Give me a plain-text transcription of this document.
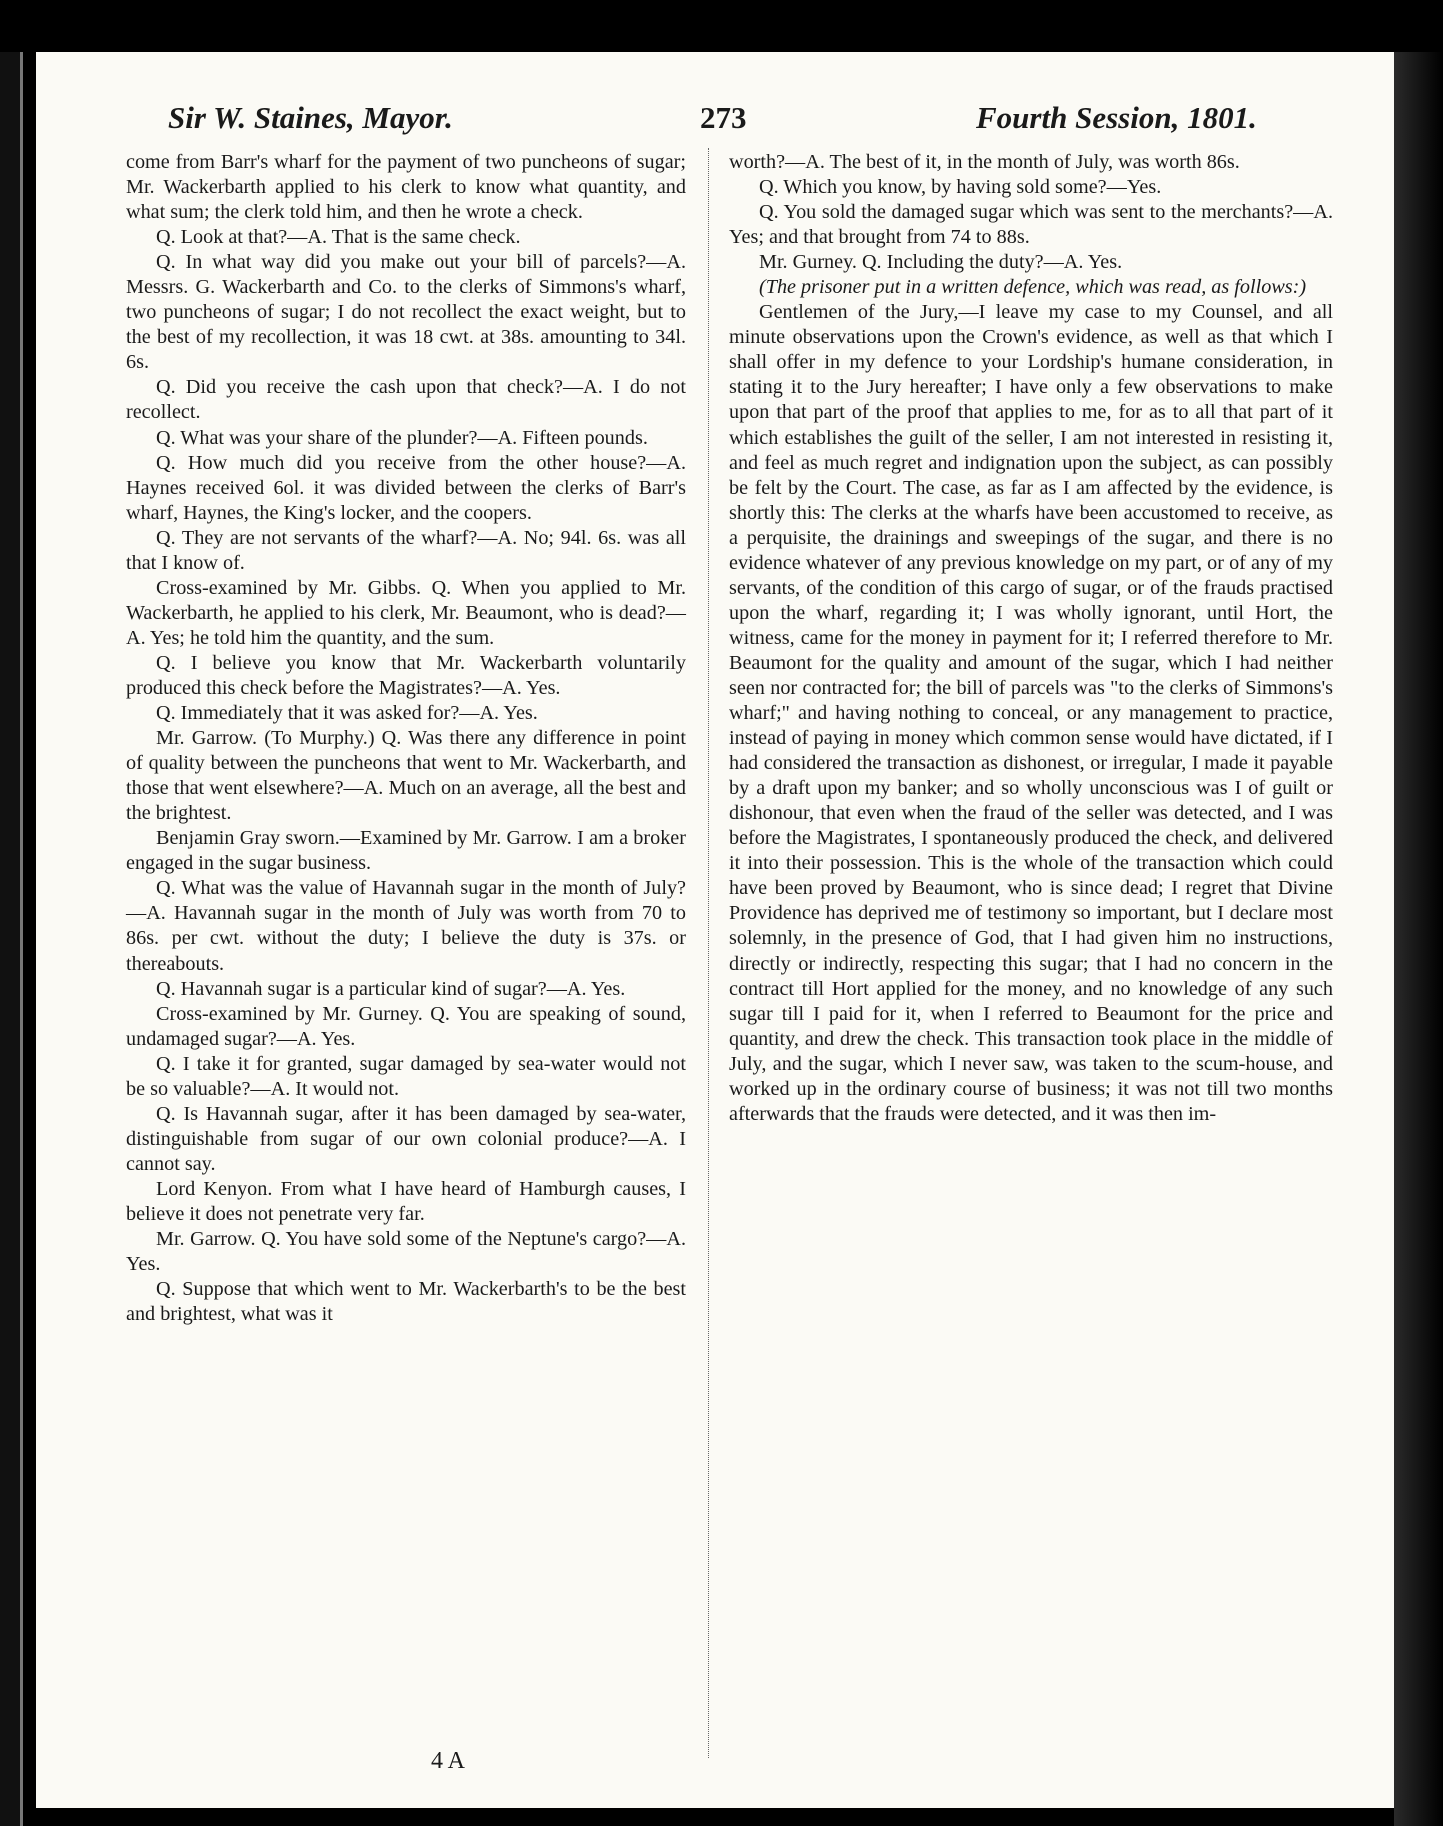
Sir W. Staines, Mayor.	273	Fourth Session, 1801.

come from Barr's wharf for the payment of two puncheons of sugar; Mr. Wackerbarth applied to his clerk to know what quantity, and what sum; the clerk told him, and then he wrote a check.

Q. Look at that?—A. That is the same check.

Q. In what way did you make out your bill of parcels?—A. Messrs. G. Wackerbarth and Co. to the clerks of Simmons's wharf, two puncheons of sugar; I do not recollect the exact weight, but to the best of my recollection, it was 18 cwt. at 38s. amounting to 34l. 6s.

Q. Did you receive the cash upon that check?—A. I do not recollect.

Q. What was your share of the plunder?—A. Fifteen pounds.

Q. How much did you receive from the other house?—A. Haynes received 6ol. it was divided between the clerks of Barr's wharf, Haynes, the King's locker, and the coopers.

Q. They are not servants of the wharf?—A. No; 94l. 6s. was all that I know of.

Cross-examined by Mr. Gibbs. Q. When you applied to Mr. Wackerbarth, he applied to his clerk, Mr. Beaumont, who is dead?—A. Yes; he told him the quantity, and the sum.

Q. I believe you know that Mr. Wackerbarth voluntarily produced this check before the Magistrates?—A. Yes.

Q. Immediately that it was asked for?—A. Yes.

Mr. Garrow. (To Murphy.) Q. Was there any difference in point of quality between the puncheons that went to Mr. Wackerbarth, and those that went elsewhere?—A. Much on an average, all the best and the brightest.

Benjamin Gray sworn.—Examined by Mr. Garrow. I am a broker engaged in the sugar business.

Q. What was the value of Havannah sugar in the month of July?—A. Havannah sugar in the month of July was worth from 70 to 86s. per cwt. without the duty; I believe the duty is 37s. or thereabouts.

Q. Havannah sugar is a particular kind of sugar?—A. Yes.

Cross-examined by Mr. Gurney. Q. You are speaking of sound, undamaged sugar?—A. Yes.

Q. I take it for granted, sugar damaged by sea-water would not be so valuable?—A. It would not.

Q. Is Havannah sugar, after it has been damaged by sea-water, distinguishable from sugar of our own colonial produce?—A. I cannot say.

Lord Kenyon. From what I have heard of Hamburgh causes, I believe it does not penetrate very far.

Mr. Garrow. Q. You have sold some of the Neptune's cargo?—A. Yes.

Q. Suppose that which went to Mr. Wackerbarth's to be the best and brightest, what was it

worth?—A. The best of it, in the month of July, was worth 86s.

Q. Which you know, by having sold some?—Yes.

Q. You sold the damaged sugar which was sent to the merchants?—A. Yes; and that brought from 74 to 88s.

Mr. Gurney. Q. Including the duty?—A. Yes.

(The prisoner put in a written defence, which was read, as follows:)

Gentlemen of the Jury,—I leave my case to my Counsel, and all minute observations upon the Crown's evidence, as well as that which I shall offer in my defence to your Lordship's humane consideration, in stating it to the Jury hereafter; I have only a few observations to make upon that part of the proof that applies to me, for as to all that part of it which establishes the guilt of the seller, I am not interested in resisting it, and feel as much regret and indignation upon the subject, as can possibly be felt by the Court. The case, as far as I am affected by the evidence, is shortly this: The clerks at the wharfs have been accustomed to receive, as a perquisite, the drainings and sweepings of the sugar, and there is no evidence whatever of any previous knowledge on my part, or of any of my servants, of the condition of this cargo of sugar, or of the frauds practised upon the wharf, regarding it; I was wholly ignorant, until Hort, the witness, came for the money in payment for it; I referred therefore to Mr. Beaumont for the quality and amount of the sugar, which I had neither seen nor contracted for; the bill of parcels was "to the clerks of Simmons's wharf;" and having nothing to conceal, or any management to practice, instead of paying in money which common sense would have dictated, if I had considered the transaction as dishonest, or irregular, I made it payable by a draft upon my banker; and so wholly unconscious was I of guilt or dishonour, that even when the fraud of the seller was detected, and I was before the Magistrates, I spontaneously produced the check, and delivered it into their possession. This is the whole of the transaction which could have been proved by Beaumont, who is since dead; I regret that Divine Providence has deprived me of testimony so important, but I declare most solemnly, in the presence of God, that I had given him no instructions, directly or indirectly, respecting this sugar; that I had no concern in the contract till Hort applied for the money, and no knowledge of any such sugar till I paid for it, when I referred to Beaumont for the price and quantity, and drew the check. This transaction took place in the middle of July, and the sugar, which I never saw, was taken to the scum-house, and worked up in the ordinary course of business; it was not till two months afterwards that the frauds were detected, and it was then im-

4 A
